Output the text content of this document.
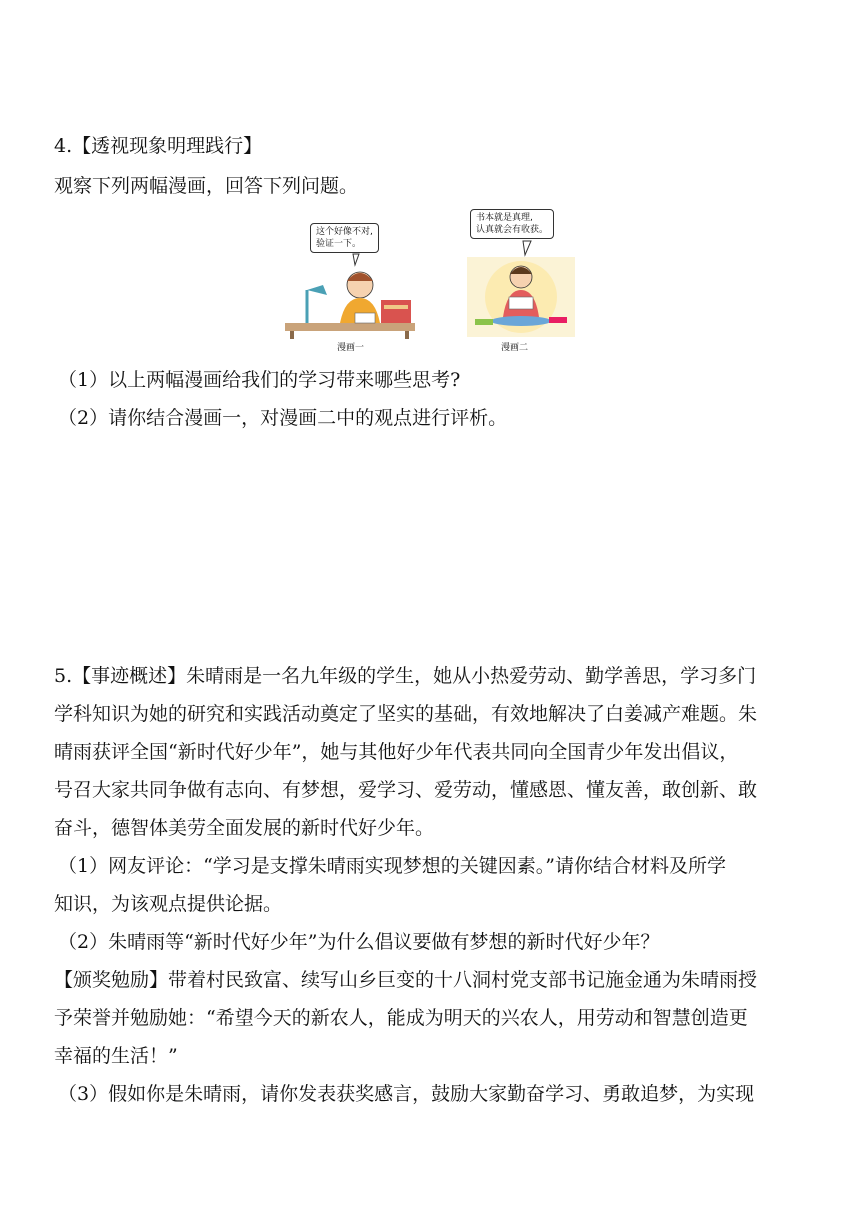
4.【透视现象明理践行】
观察下列两幅漫画，回答下列问题。
这个好像不对,
验证一下。
漫画一
书本就是真理,
认真就会有收获。
漫画二
（1）以上两幅漫画给我们的学习带来哪些思考?
（2）请你结合漫画一，对漫画二中的观点进行评析。
5.【事迹概述】朱晴雨是一名九年级的学生，她从小热爱劳动、勤学善思，学习多门
学科知识为她的研究和实践活动奠定了坚实的基础，有效地解决了白姜减产难题。朱
晴雨获评全国“新时代好少年”，她与其他好少年代表共同向全国青少年发出倡议，
号召大家共同争做有志向、有梦想，爱学习、爱劳动，懂感恩、懂友善，敢创新、敢
奋斗，德智体美劳全面发展的新时代好少年。
（1）网友评论：“学习是支撑朱晴雨实现梦想的关键因素。”请你结合材料及所学
知识，为该观点提供论据。
（2）朱晴雨等“新时代好少年”为什么倡议要做有梦想的新时代好少年？
【颁奖勉励】带着村民致富、续写山乡巨变的十八洞村党支部书记施金通为朱晴雨授
予荣誉并勉励她：“希望今天的新农人，能成为明天的兴农人，用劳动和智慧创造更
幸福的生活！”
（3）假如你是朱晴雨，请你发表获奖感言，鼓励大家勤奋学习、勇敢追梦，为实现
